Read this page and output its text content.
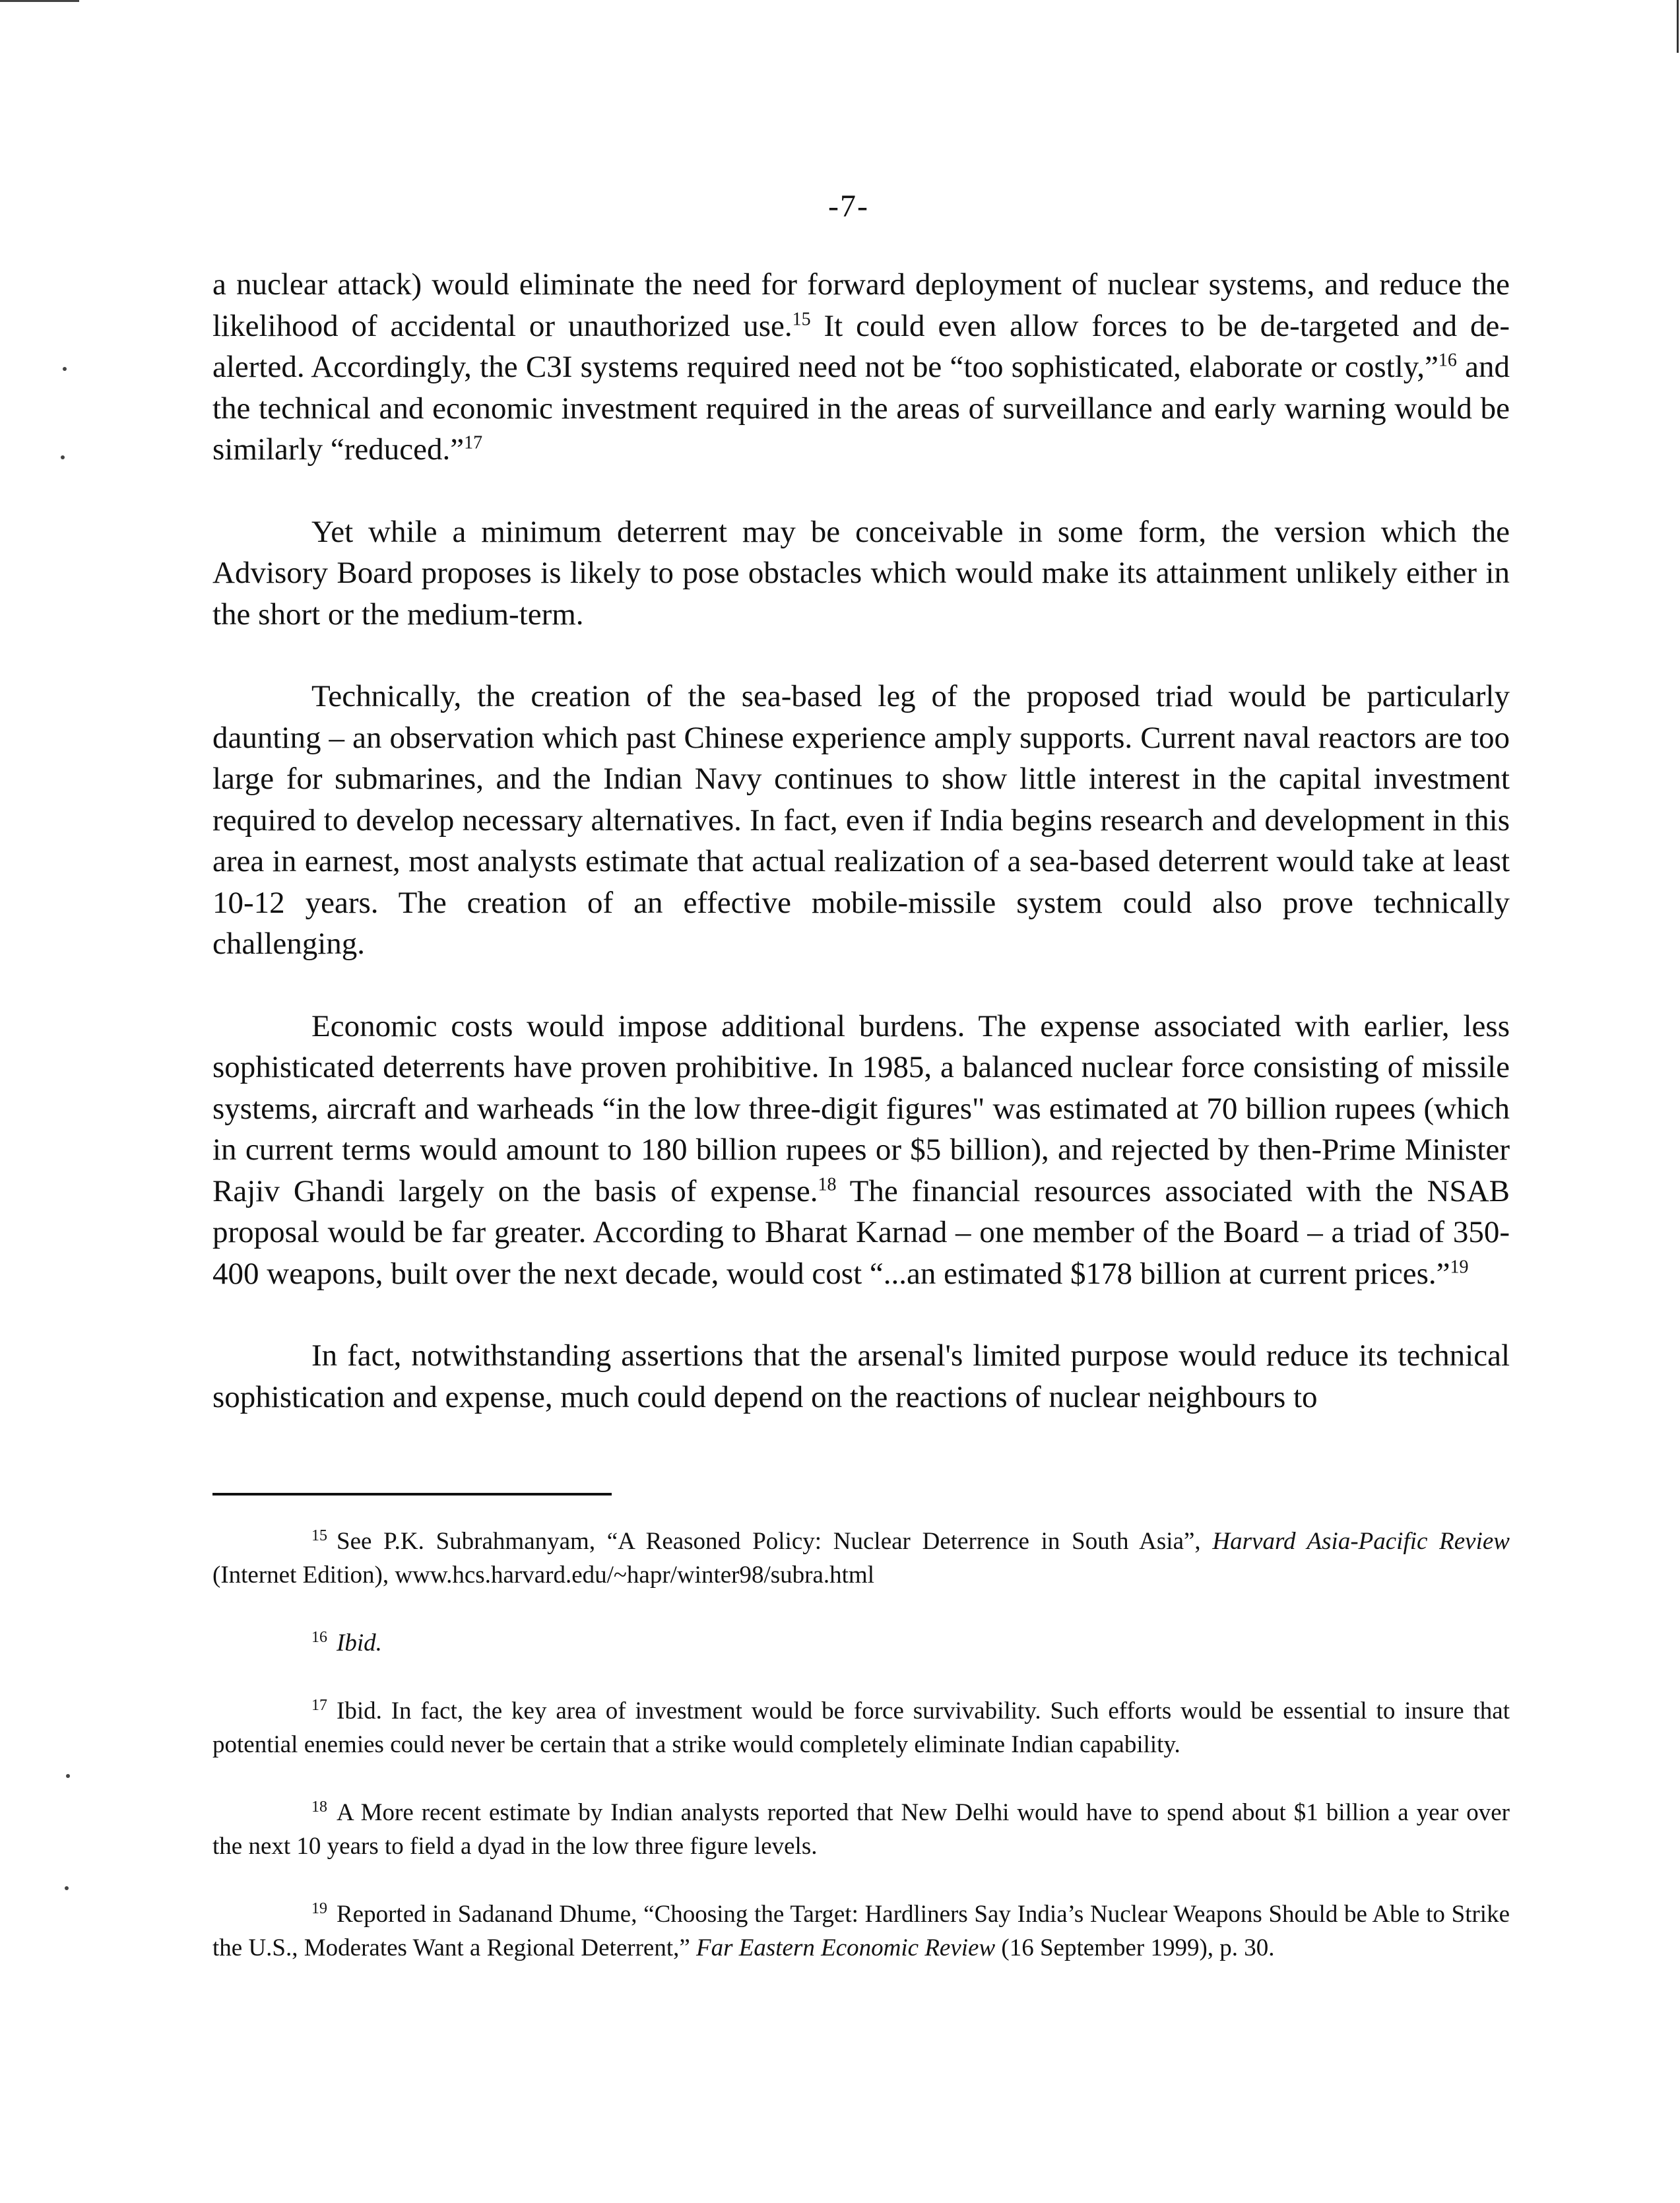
-7-

a nuclear attack) would eliminate the need for forward deployment of nuclear systems, and reduce the likelihood of accidental or unauthorized use.$^{15}$ It could even allow forces to be de-targeted and de-alerted. Accordingly, the C3I systems required need not be “too sophisticated, elaborate or costly,”$^{16}$ and the technical and economic investment required in the areas of surveillance and early warning would be similarly “reduced.”$^{17}$

Yet while a minimum deterrent may be conceivable in some form, the version which the Advisory Board proposes is likely to pose obstacles which would make its attainment unlikely either in the short or the medium-term.

Technically, the creation of the sea-based leg of the proposed triad would be particularly daunting – an observation which past Chinese experience amply supports. Current naval reactors are too large for submarines, and the Indian Navy continues to show little interest in the capital investment required to develop necessary alternatives. In fact, even if India begins research and development in this area in earnest, most analysts estimate that actual realization of a sea-based deterrent would take at least 10-12 years. The creation of an effective mobile-missile system could also prove technically challenging.

Economic costs would impose additional burdens. The expense associated with earlier, less sophisticated deterrents have proven prohibitive. In 1985, a balanced nuclear force consisting of missile systems, aircraft and warheads “in the low three-digit figures" was estimated at 70 billion rupees (which in current terms would amount to 180 billion rupees or $5 billion), and rejected by then-Prime Minister Rajiv Ghandi largely on the basis of expense.$^{18}$ The financial resources associated with the NSAB proposal would be far greater. According to Bharat Karnad – one member of the Board – a triad of 350-400 weapons, built over the next decade, would cost “...an estimated $178 billion at current prices.”$^{19}$

In fact, notwithstanding assertions that the arsenal's limited purpose would reduce its technical sophistication and expense, much could depend on the reactions of nuclear neighbours to

$^{15}$ See P.K. Subrahmanyam, “A Reasoned Policy: Nuclear Deterrence in South Asia”, Harvard Asia-Pacific Review (Internet Edition), www.hcs.harvard.edu/~hapr/winter98/subra.html
$^{16}$ Ibid.
$^{17}$ Ibid. In fact, the key area of investment would be force survivability. Such efforts would be essential to insure that potential enemies could never be certain that a strike would completely eliminate Indian capability.
$^{18}$ A More recent estimate by Indian analysts reported that New Delhi would have to spend about $1 billion a year over the next 10 years to field a dyad in the low three figure levels.
$^{19}$ Reported in Sadanand Dhume, “Choosing the Target: Hardliners Say India’s Nuclear Weapons Should be Able to Strike the U.S., Moderates Want a Regional Deterrent,” Far Eastern Economic Review (16 September 1999), p. 30.
